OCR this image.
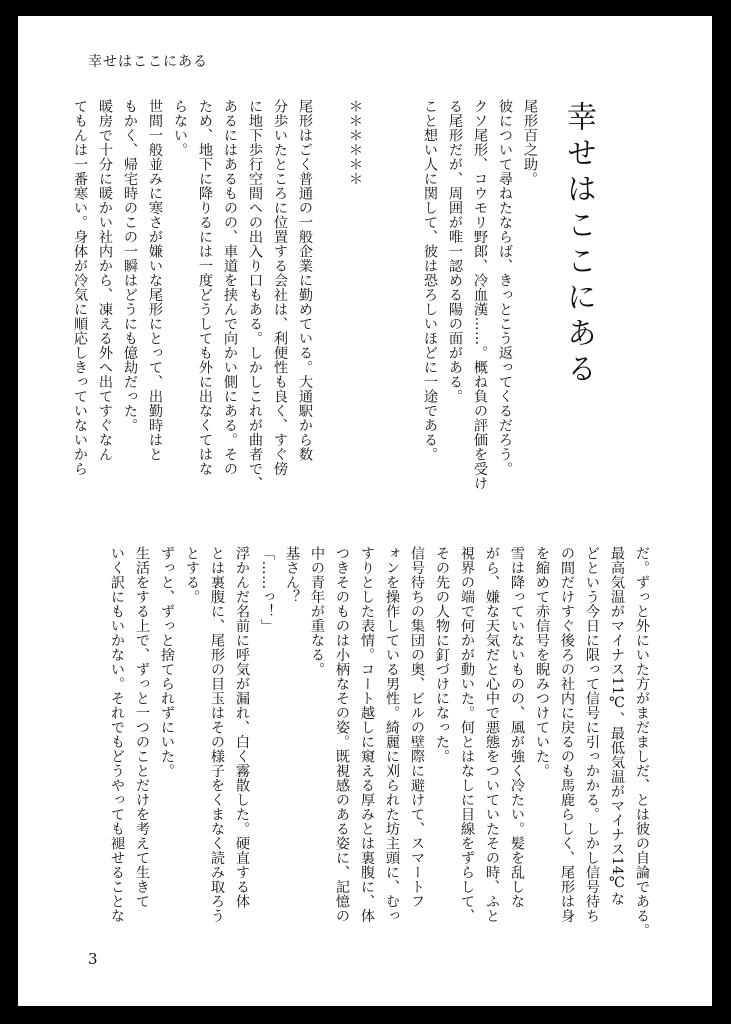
幸せはここにある
幸せはここにある
尾形百之助。
彼について尋ねたならば、きっとこう返ってくるだろう。
クソ尾形、コウモリ野郎、冷血漢……。概ね負の評価を受け
る尾形だが、周囲が唯一認める陽の面がある。
こと想い人に関して、彼は恐ろしいほどに一途である。

＊＊＊＊＊＊

尾形はごく普通の一般企業に勤めている。大通駅から数
分歩いたところに位置する会社は、利便性も良く、すぐ傍
に地下歩行空間への出入り口もある。しかしこれが曲者で、
あるにはあるものの、車道を挟んで向かい側にある。その
ため、地下に降りるには一度どうしても外に出なくてはな
らない。
世間一般並みに寒さが嫌いな尾形にとって、出勤時はと
もかく、帰宅時のこの一瞬はどうにも億劫だった。
暖房で十分に暖かい社内から、凍える外へ出てすぐなん
てもんは一番寒い。身体が冷気に順応しきっていないから
だ。ずっと外にいた方がまだましだ、とは彼の自論である。
最高気温がマイナス11℃、最低気温がマイナス14℃な
どという今日に限って信号に引っかかる。しかし信号待ち
の間だけすぐ後ろの社内に戻るのも馬鹿らしく、尾形は身
を縮めて赤信号を睨みつけていた。
雪は降っていないものの、風が強く冷たい。髪を乱しな
がら、嫌な天気だと心中で悪態をついていたその時、ふと
視界の端で何かが動いた。何とはなしに目線をずらして、
その先の人物に釘づけになった。
信号待ちの集団の奥、ビルの壁際に避けて、スマートフ
ォンを操作している男性。綺麗に刈られた坊主頭に、むっ
すりとした表情。コート越しに窺える厚みとは裏腹に、体
つきそのものは小柄なその姿。既視感のある姿に、記憶の
中の青年が重なる。
基さん？
「……っ！」
浮かんだ名前に呼気が漏れ、白く霧散した。硬直する体
とは裏腹に、尾形の目玉はその様子をくまなく読み取ろう
とする。
ずっと、ずっと捨てられずにいた。
生活をする上で、ずっと一つのことだけを考えて生きて
いく訳にもいかない。それでもどうやっても褪せることな
3
